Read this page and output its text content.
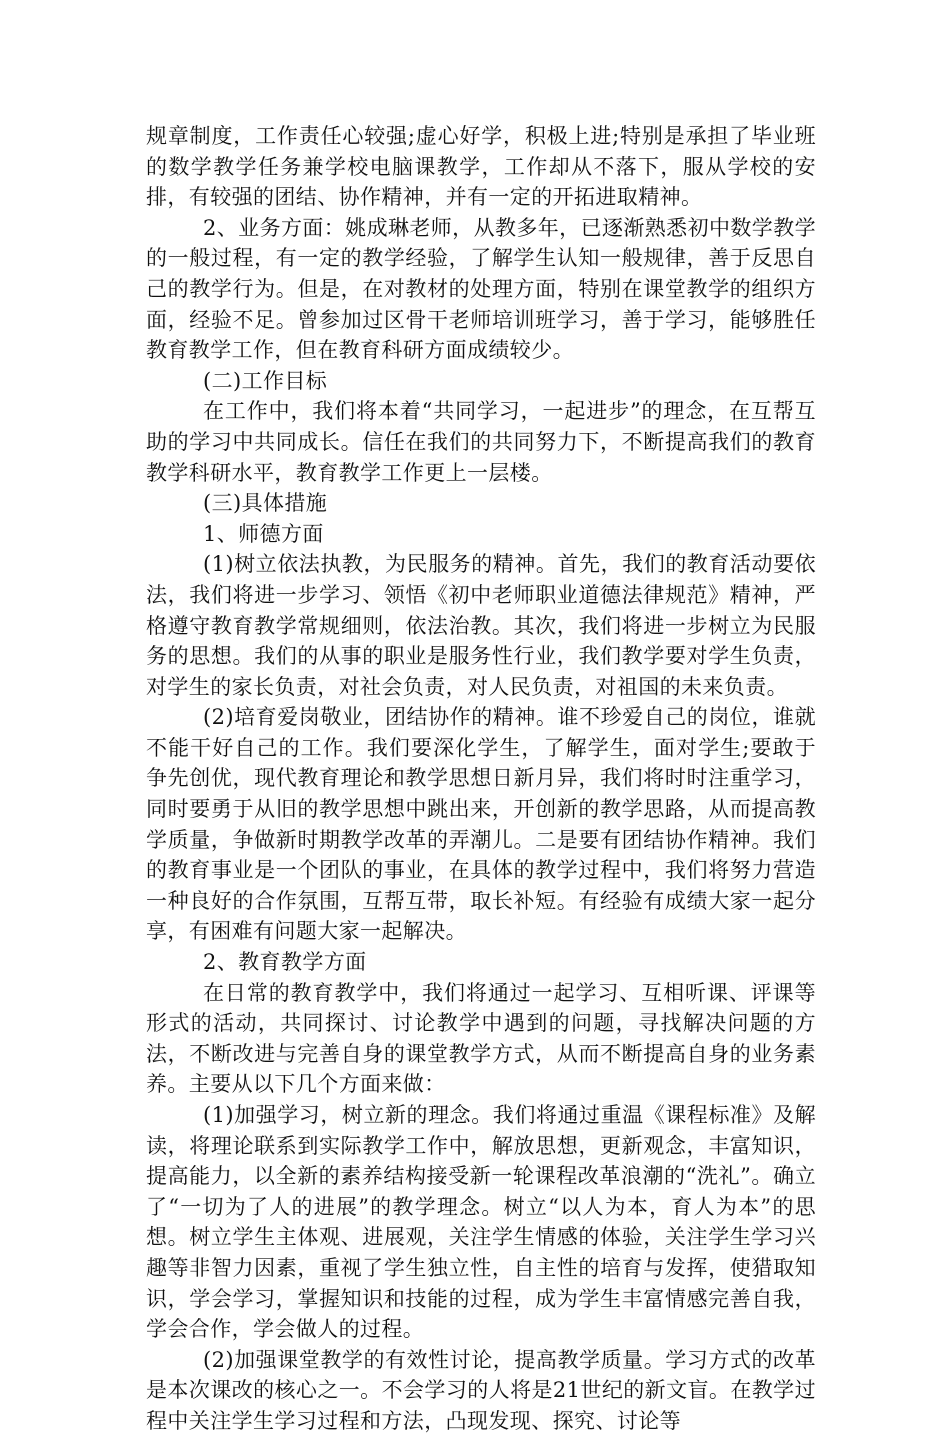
规章制度，工作责任心较强;虚心好学，积极上进;特别是承担了毕业班的数学教学任务兼学校电脑课教学，工作却从不落下，服从学校的安排，有较强的团结、协作精神，并有一定的开拓进取精神。

2、业务方面：姚成琳老师，从教多年，已逐渐熟悉初中数学教学的一般过程，有一定的教学经验，了解学生认知一般规律，善于反思自己的教学行为。但是，在对教材的处理方面，特别在课堂教学的组织方面，经验不足。曾参加过区骨干老师培训班学习，善于学习，能够胜任教育教学工作，但在教育科研方面成绩较少。

(二)工作目标

在工作中，我们将本着“共同学习，一起进步”的理念，在互帮互助的学习中共同成长。信任在我们的共同努力下，不断提高我们的教育教学科研水平，教育教学工作更上一层楼。

(三)具体措施

1、师德方面

(1)树立依法执教，为民服务的精神。首先，我们的教育活动要依法，我们将进一步学习、领悟《初中老师职业道德法律规范》精神，严格遵守教育教学常规细则，依法治教。其次，我们将进一步树立为民服务的思想。我们的从事的职业是服务性行业，我们教学要对学生负责，对学生的家长负责，对社会负责，对人民负责，对祖国的未来负责。

(2)培育爱岗敬业，团结协作的精神。谁不珍爱自己的岗位，谁就不能干好自己的工作。我们要深化学生，了解学生，面对学生;要敢于争先创优，现代教育理论和教学思想日新月异，我们将时时注重学习，同时要勇于从旧的教学思想中跳出来，开创新的教学思路，从而提高教学质量，争做新时期教学改革的弄潮儿。二是要有团结协作精神。我们的教育事业是一个团队的事业，在具体的教学过程中，我们将努力营造一种良好的合作氛围，互帮互带，取长补短。有经验有成绩大家一起分享，有困难有问题大家一起解决。

2、教育教学方面

在日常的教育教学中，我们将通过一起学习、互相听课、评课等形式的活动，共同探讨、讨论教学中遇到的问题，寻找解决问题的方法，不断改进与完善自身的课堂教学方式，从而不断提高自身的业务素养。主要从以下几个方面来做：

(1)加强学习，树立新的理念。我们将通过重温《课程标准》及解读，将理论联系到实际教学工作中，解放思想，更新观念，丰富知识，提高能力，以全新的素养结构接受新一轮课程改革浪潮的“洗礼”。确立了“一切为了人的进展”的教学理念。树立“以人为本，育人为本”的思想。树立学生主体观、进展观，关注学生情感的体验，关注学生学习兴趣等非智力因素，重视了学生独立性，自主性的培育与发挥，使猎取知识，学会学习，掌握知识和技能的过程，成为学生丰富情感完善自我，学会合作，学会做人的过程。

(2)加强课堂教学的有效性讨论，提高教学质量。学习方式的改革是本次课改的核心之一。不会学习的人将是21世纪的新文盲。在教学过程中关注学生学习过程和方法，凸现发现、探究、讨论等
